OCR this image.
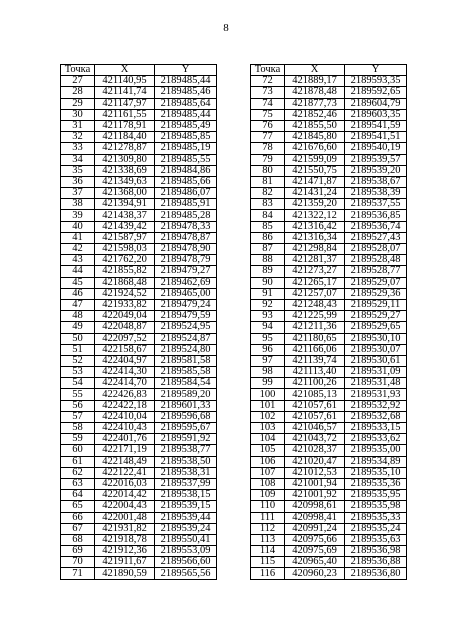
8
Точка	X	Y
27	421140,95	2189485,44
28	421141,74	2189485,46
29	421147,97	2189485,64
30	421161,55	2189485,44
31	421178,91	2189485,49
32	421184,40	2189485,85
33	421278,87	2189485,19
34	421309,80	2189485,55
35	421338,69	2189484,86
36	421349,63	2189485,66
37	421368,00	2189486,07
38	421394,91	2189485,91
39	421438,37	2189485,28
40	421439,42	2189478,33
41	421587,97	2189478,87
42	421598,03	2189478,90
43	421762,20	2189478,79
44	421855,82	2189479,27
45	421868,48	2189462,69
46	421924,52	2189465,00
47	421933,82	2189479,24
48	422049,04	2189479,59
49	422048,87	2189524,95
50	422097,52	2189524,87
51	422158,67	2189524,80
52	422404,97	2189581,58
53	422414,30	2189585,58
54	422414,70	2189584,54
55	422426,83	2189589,20
56	422422,18	2189601,33
57	422410,04	2189596,68
58	422410,43	2189595,67
59	422401,76	2189591,92
60	422171,19	2189538,77
61	422148,49	2189538,50
62	422122,41	2189538,31
63	422016,03	2189537,99
64	422014,42	2189538,15
65	422004,43	2189539,15
66	422001,48	2189539,44
67	421931,82	2189539,24
68	421918,78	2189550,41
69	421912,36	2189553,09
70	421911,67	2189566,60
71	421890,59	2189565,56
Точка	X	Y
72	421889,17	2189593,35
73	421878,48	2189592,65
74	421877,73	2189604,79
75	421852,46	2189603,35
76	421855,50	2189541,59
77	421845,80	2189541,51
78	421676,60	2189540,19
79	421599,09	2189539,57
80	421550,75	2189539,20
81	421471,87	2189538,67
82	421431,24	2189538,39
83	421359,20	2189537,55
84	421322,12	2189536,85
85	421316,42	2189536,74
86	421316,34	2189527,43
87	421298,84	2189528,07
88	421281,37	2189528,48
89	421273,27	2189528,77
90	421265,17	2189529,07
91	421257,07	2189529,36
92	421248,43	2189529,11
93	421225,99	2189529,27
94	421211,36	2189529,65
95	421180,65	2189530,10
96	421166,06	2189530,07
97	421139,74	2189530,61
98	421113,40	2189531,09
99	421100,26	2189531,48
100	421085,13	2189531,93
101	421057,61	2189532,92
102	421057,61	2189532,68
103	421046,57	2189533,15
104	421043,72	2189533,62
105	421028,37	2189535,00
106	421020,47	2189534,89
107	421012,53	2189535,10
108	421001,94	2189535,36
109	421001,92	2189535,95
110	420998,61	2189535,98
111	420998,41	2189535,33
112	420991,24	2189535,24
113	420975,66	2189535,63
114	420975,69	2189536,98
115	420965,40	2189536,88
116	420960,23	2189536,80
